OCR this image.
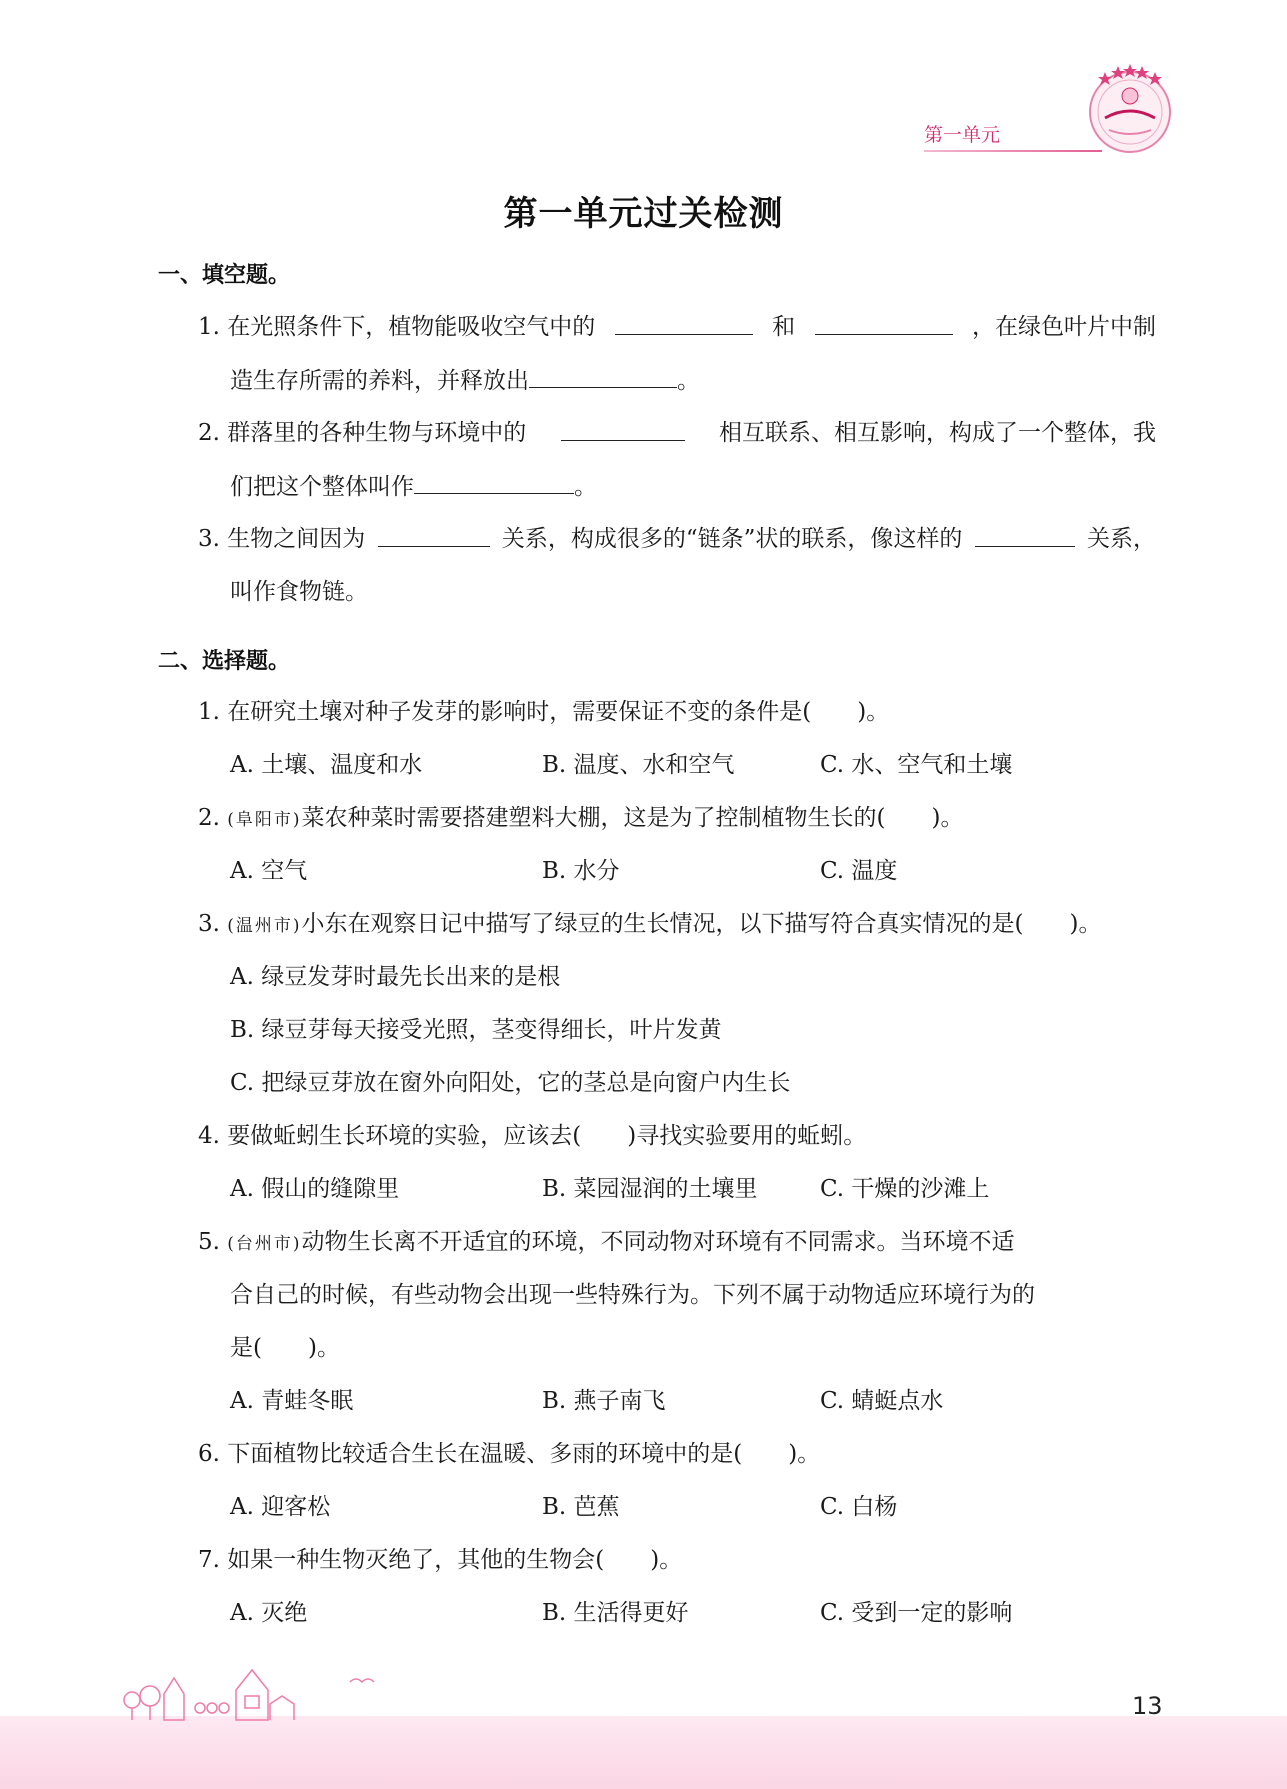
第一单元
第一单元过关检测
一、填空题。
1. 在光照条件下，植物能吸收空气中的	和	，在绿色叶片中制
造生存所需的养料，并释放出	。
2. 群落里的各种生物与环境中的	相互联系、相互影响，构成了一个整体，我
们把这个整体叫作	。
3. 生物之间因为	关系，构成很多的“链条”状的联系，像这样的	关系，
叫作食物链。
二、选择题。
1. 在研究土壤对种子发芽的影响时，需要保证不变的条件是( )。
A. 土壤、温度和水	B. 温度、水和空气	C. 水、空气和土壤
2. (阜阳市)菜农种菜时需要搭建塑料大棚，这是为了控制植物生长的( )。
A. 空气	B. 水分	C. 温度
3. (温州市)小东在观察日记中描写了绿豆的生长情况，以下描写符合真实情况的是( )。
A. 绿豆发芽时最先长出来的是根
B. 绿豆芽每天接受光照，茎变得细长，叶片发黄
C. 把绿豆芽放在窗外向阳处，它的茎总是向窗户内生长
4. 要做蚯蚓生长环境的实验，应该去( )寻找实验要用的蚯蚓。
A. 假山的缝隙里	B. 菜园湿润的土壤里	C. 干燥的沙滩上
5. (台州市)动物生长离不开适宜的环境，不同动物对环境有不同需求。当环境不适
合自己的时候，有些动物会出现一些特殊行为。下列不属于动物适应环境行为的
是( )。
A. 青蛙冬眠	B. 燕子南飞	C. 蜻蜓点水
6. 下面植物比较适合生长在温暖、多雨的环境中的是( )。
A. 迎客松	B. 芭蕉	C. 白杨
7. 如果一种生物灭绝了，其他的生物会( )。
A. 灭绝	B. 生活得更好	C. 受到一定的影响
13
